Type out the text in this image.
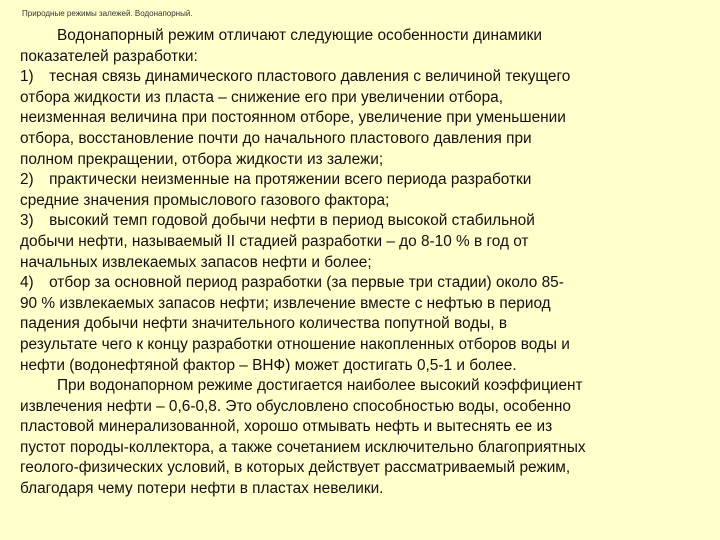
Природные режимы залежей. Водонапорный.

Водонапорный режим отличают следующие особенности динамики
показателей разработки:

1)  тесная связь динамического пластового давления с величиной текущего
отбора жидкости из пласта – снижение его при увеличении отбора,
неизменная величина при постоянном отборе, увеличение при уменьшении
отбора, восстановление почти до начального пластового давления при
полном прекращении, отбора жидкости из залежи;

2)  практически неизменные на протяжении всего периода разработки
средние значения промыслового газового фактора;

3)  высокий темп годовой добычи нефти в период высокой стабильной
добычи нефти, называемый II стадией разработки – до 8-10 % в год от
начальных извлекаемых запасов нефти и более;

4)  отбор за основной период разработки (за первые три стадии) около 85-
90 % извлекаемых запасов нефти; извлечение вместе с нефтью в период
падения добычи нефти значительного количества попутной воды, в
результате чего к концу разработки отношение накопленных отборов воды и
нефти (водонефтяной фактор – ВНФ) может достигать 0,5-1 и более.

При водонапорном режиме достигается наиболее высокий коэффициент
извлечения нефти – 0,6-0,8. Это обусловлено способностью воды, особенно
пластовой минерализованной, хорошо отмывать нефть и вытеснять ее из
пустот породы-коллектора, а также сочетанием исключительно благоприятных
геолого-физических условий, в которых действует рассматриваемый режим,
благодаря чему потери нефти в пластах невелики.
